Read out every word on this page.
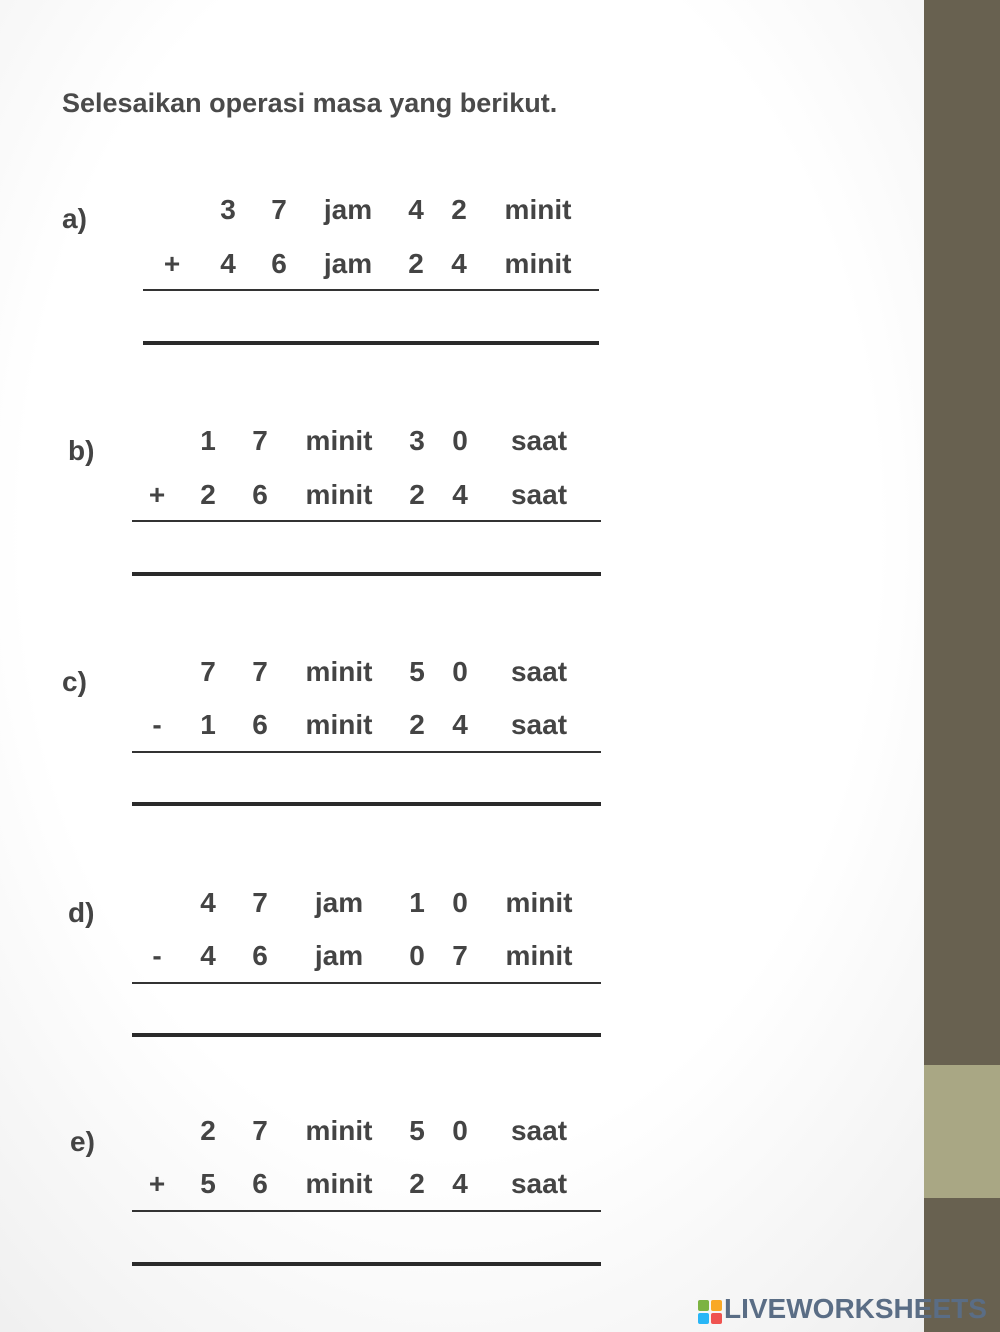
Selesaikan operasi masa yang berikut.
a)	3 7 jam 4 2 minit
+ 4 6 jam 2 4 minit
b)	1 7 minit 3 0 saat
+ 2 6 minit 2 4 saat
c)	7 7 minit 5 0 saat
- 1 6 minit 2 4 saat
d)	4 7 jam 1 0 minit
- 4 6 jam 0 7 minit
e)	2 7 minit 5 0 saat
+ 5 6 minit 2 4 saat
LIVEWORKSHEETS
